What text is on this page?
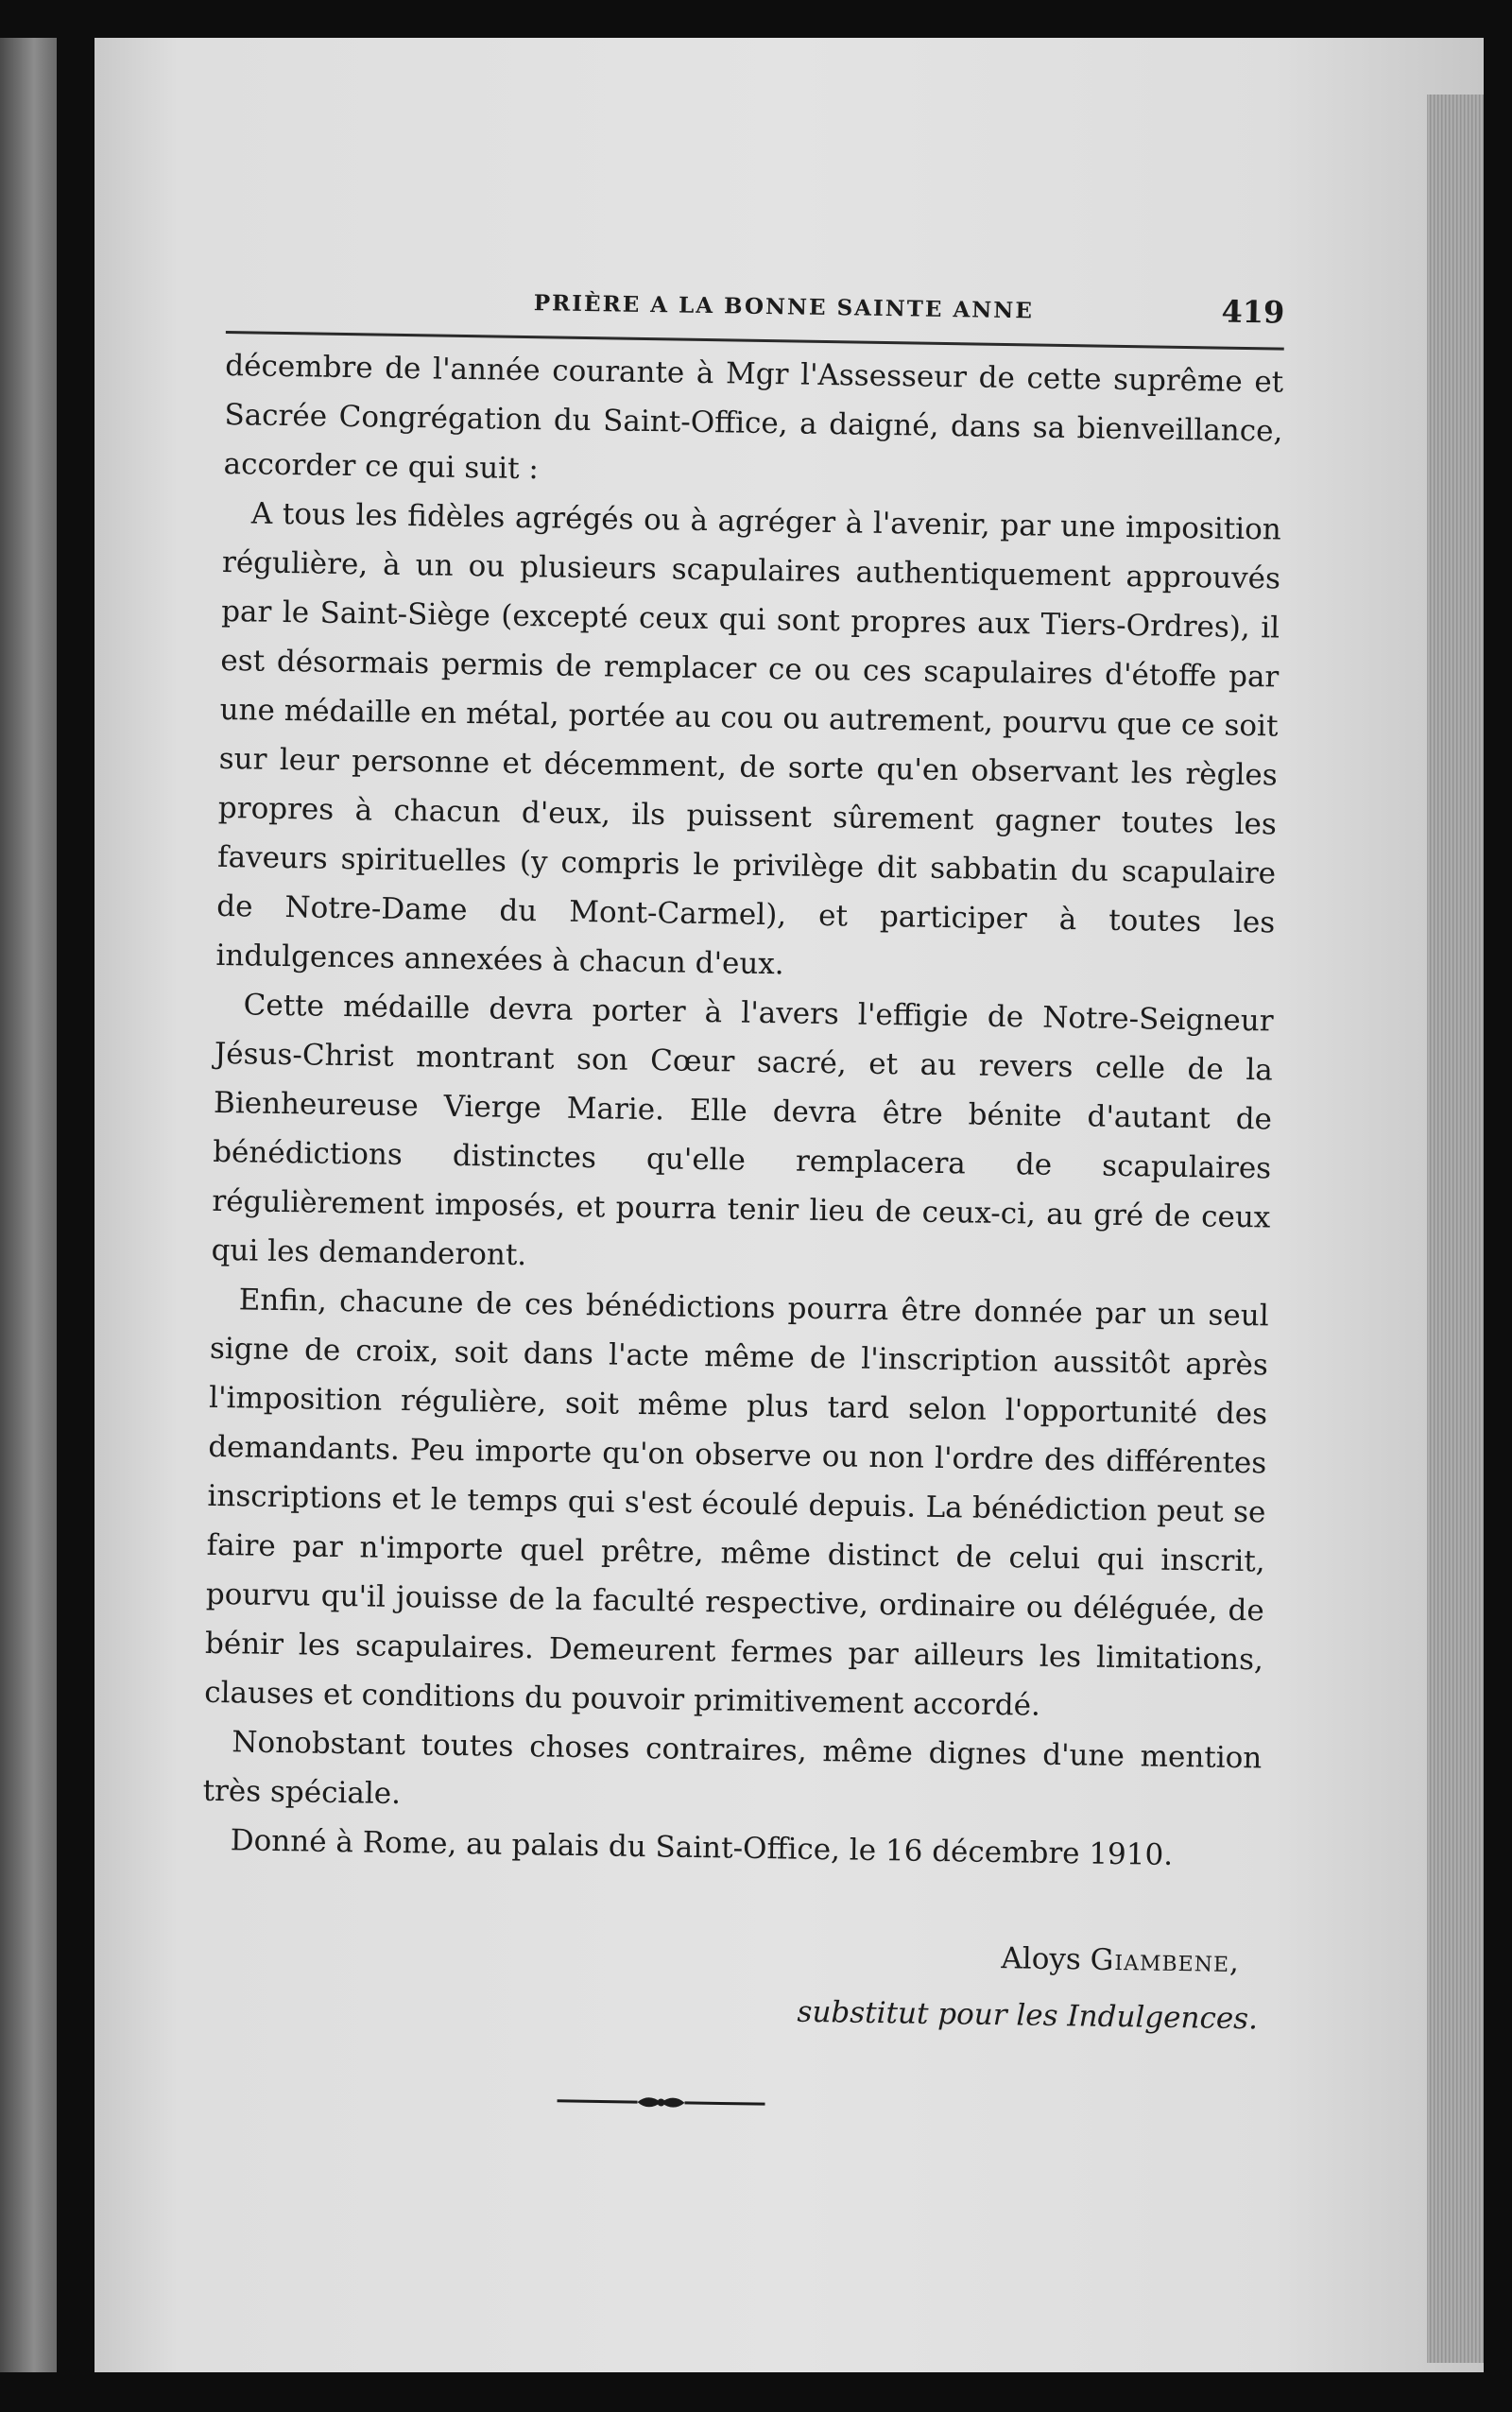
PRIÈRE A LA BONNE SAINTE ANNE	419

décembre de l'année courante à Mgr l'Assesseur de cette suprême et Sacrée Congrégation du Saint-Office, a daigné, dans sa bienveillance, accorder ce qui suit :

A tous les fidèles agrégés ou à agréger à l'avenir, par une imposition régulière, à un ou plusieurs scapulaires authentiquement approuvés par le Saint-Siège (excepté ceux qui sont propres aux Tiers-Ordres), il est désormais permis de remplacer ce ou ces scapulaires d'étoffe par une médaille en métal, portée au cou ou autrement, pourvu que ce soit sur leur personne et décemment, de sorte qu'en observant les règles propres à chacun d'eux, ils puissent sûrement gagner toutes les faveurs spirituelles (y compris le privilège dit sabbatin du scapulaire de Notre-Dame du Mont-Carmel), et participer à toutes les indulgences annexées à chacun d'eux.

Cette médaille devra porter à l'avers l'effigie de Notre-Seigneur Jésus-Christ montrant son Cœur sacré, et au revers celle de la Bienheureuse Vierge Marie. Elle devra être bénite d'autant de bénédictions distinctes qu'elle remplacera de scapulaires régulièrement imposés, et pourra tenir lieu de ceux-ci, au gré de ceux qui les demanderont.

Enfin, chacune de ces bénédictions pourra être donnée par un seul signe de croix, soit dans l'acte même de l'inscription aussitôt après l'imposition régulière, soit même plus tard selon l'opportunité des demandants. Peu importe qu'on observe ou non l'ordre des différentes inscriptions et le temps qui s'est écoulé depuis. La bénédiction peut se faire par n'importe quel prêtre, même distinct de celui qui inscrit, pourvu qu'il jouisse de la faculté respective, ordinaire ou déléguée, de bénir les scapulaires. Demeurent fermes par ailleurs les limitations, clauses et conditions du pouvoir primitivement accordé.

Nonobstant toutes choses contraires, même dignes d'une mention très spéciale.

Donné à Rome, au palais du Saint-Office, le 16 décembre 1910.

Aloys Giambene,
substitut pour les Indulgences.
